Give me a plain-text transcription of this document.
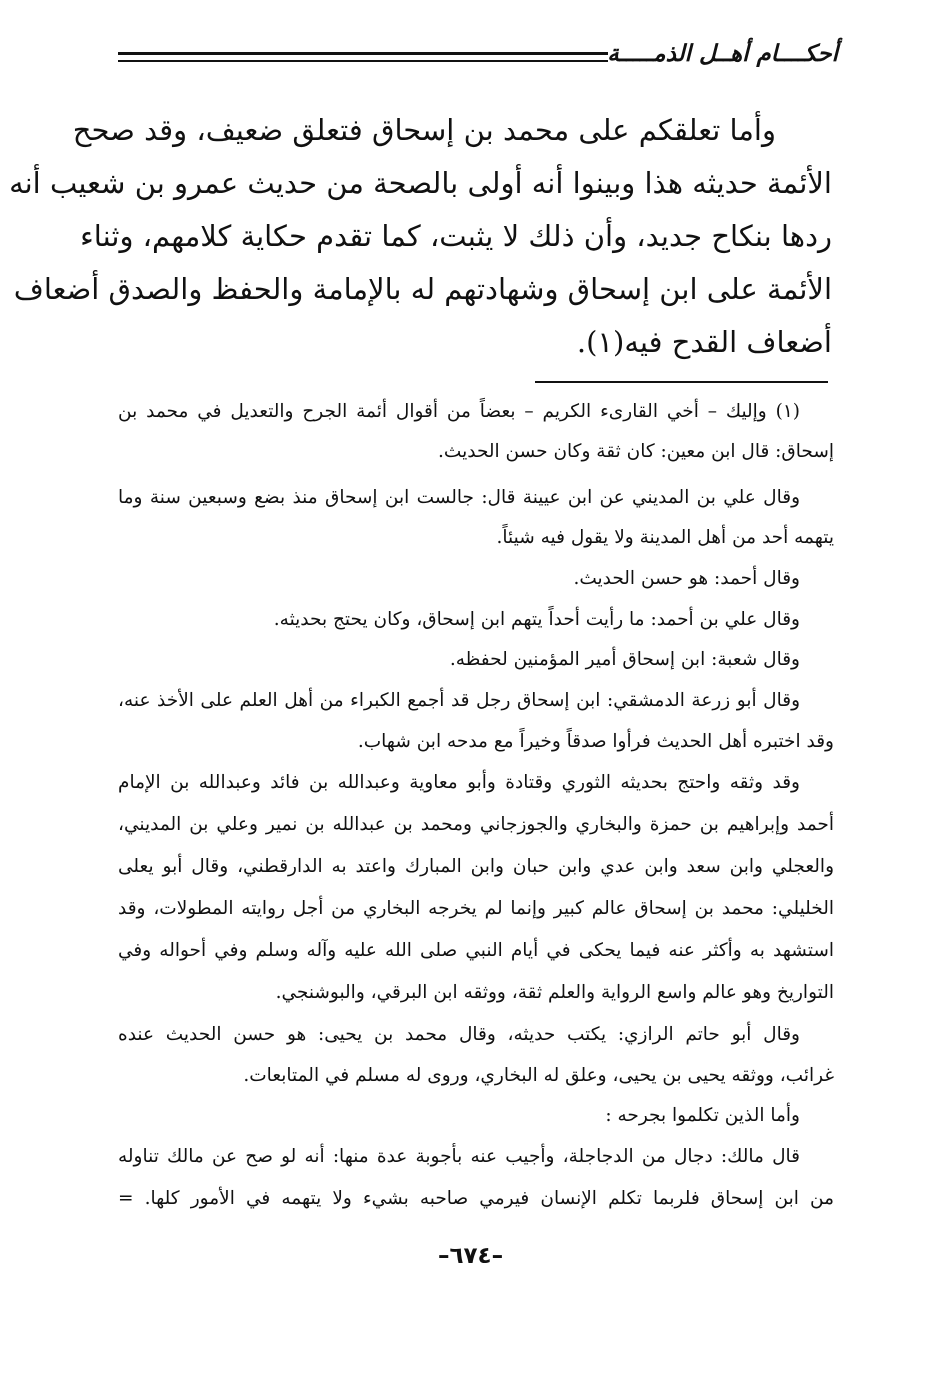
أحكــــام أهــل الذمـــــة
وأما تعلقكم على محمد بن إسحاق فتعلق ضعيف، وقد صحح
الأئمة حديثه هذا وبينوا أنه أولى بالصحة من حديث عمرو بن شعيب أنه
ردها بنكاح جديد، وأن ذلك لا يثبت، كما تقدم حكاية كلامهم، وثناء
الأئمة على ابن إسحاق وشهادتهم له بالإمامة والحفظ والصدق أضعاف
أضعاف القدح فيه(١).
(١) وإليك – أخي القارىء الكريم – بعضاً من أقوال أئمة الجرح والتعديل في محمد بن
إسحاق: قال ابن معين: كان ثقة وكان حسن الحديث.
وقال علي بن المديني عن ابن عيينة قال: جالست ابن إسحاق منذ بضع وسبعين سنة وما
يتهمه أحد من أهل المدينة ولا يقول فيه شيئاً.
وقال أحمد: هو حسن الحديث.
وقال علي بن أحمد: ما رأيت أحداً يتهم ابن إسحاق، وكان يحتج بحديثه.
وقال شعبة: ابن إسحاق أمير المؤمنين لحفظه.
وقال أبو زرعة الدمشقي: ابن إسحاق رجل قد أجمع الكبراء من أهل العلم على الأخذ عنه،
وقد اختبره أهل الحديث فرأوا صدقاً وخيراً مع مدحه ابن شهاب.
وقد وثقه واحتج بحديثه الثوري وقتادة وأبو معاوية وعبدالله بن فائد وعبدالله بن الإمام
أحمد وإبراهيم بن حمزة والبخاري والجوزجاني ومحمد بن عبدالله بن نمير وعلي بن المديني،
والعجلي وابن سعد وابن عدي وابن حبان وابن المبارك واعتد به الدارقطني، وقال أبو يعلى
الخليلي: محمد بن إسحاق عالم كبير وإنما لم يخرجه البخاري من أجل روايته المطولات، وقد
استشهد به وأكثر عنه فيما يحكى في أيام النبي صلى الله عليه وآله وسلم وفي أحواله وفي
التواريخ وهو عالم واسع الرواية والعلم ثقة، ووثقه ابن البرقي، والبوشنجي.
وقال أبو حاتم الرازي: يكتب حديثه، وقال محمد بن يحيى: هو حسن الحديث عنده
غرائب، ووثقه يحيى بن يحيى، وعلق له البخاري، وروى له مسلم في المتابعات.
وأما الذين تكلموا بجرحه :
قال مالك: دجال من الدجاجلة، وأجيب عنه بأجوبة عدة منها: أنه لو صح عن مالك تناوله
من ابن إسحاق فلربما تكلم الإنسان فيرمي صاحبه بشيء ولا يتهمه في الأمور كلها. =
–٦٧٤–
